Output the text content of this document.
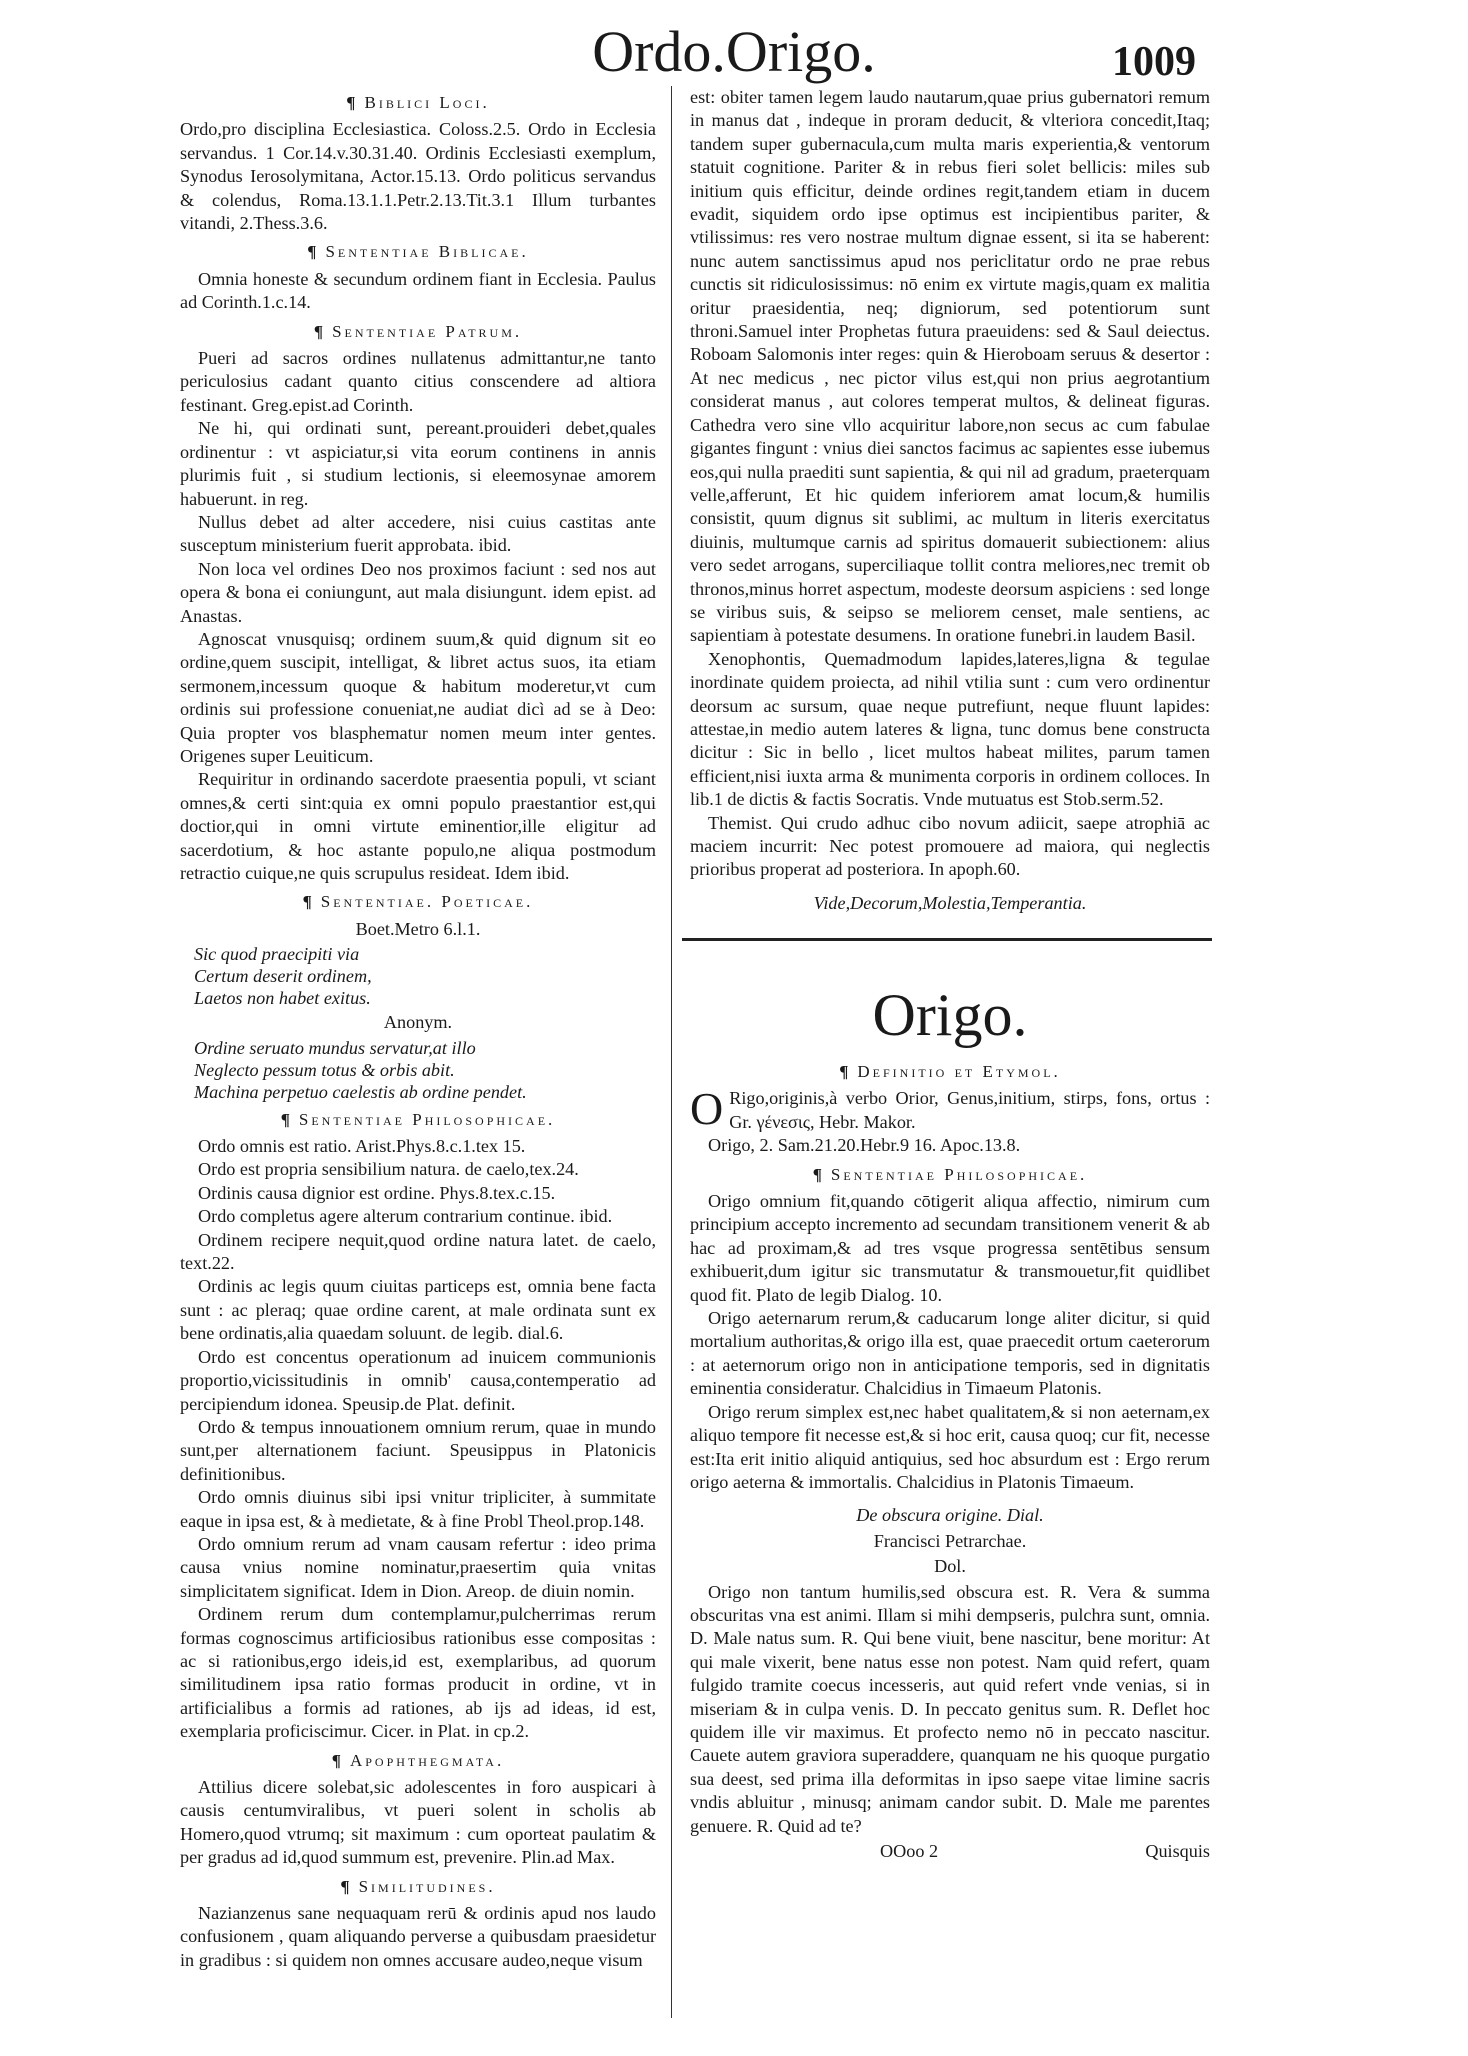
Ordo.Origo.	1009
¶ Biblici Loci.

Ordo,pro disciplina Ecclesiastica. Coloss.2.5. Ordo in Ecclesia servandus. 1 Cor.14.v.30.31.40. Ordinis Ecclesiasti exemplum, Synodus Ierosolymitana, Actor.15.13. Ordo politicus servandus & colendus, Roma.13.1.1.Petr.2.13.Tit.3.1 Illum turbantes vitandi, 2.Thess.3.6.

¶ Sententiae Biblicae.

Omnia honeste & secundum ordinem fiant in Ecclesia. Paulus ad Corinth.1.c.14.

¶ Sententiae Patrum.

Pueri ad sacros ordines nullatenus admittantur,ne tanto periculosius cadant quanto citius conscendere ad altiora festinant. Greg.epist.ad Corinth.

Ne hi, qui ordinati sunt, pereant.prouideri debet,quales ordinentur : vt aspiciatur,si vita eorum continens in annis plurimis fuit , si studium lectionis, si eleemosynae amorem habuerunt. in reg.

Nullus debet ad alter accedere, nisi cuius castitas ante susceptum ministerium fuerit approbata. ibid.

Non loca vel ordines Deo nos proximos faciunt : sed nos aut opera & bona ei coniungunt, aut mala disiungunt. idem epist. ad Anastas.

Agnoscat vnusquisq; ordinem suum,& quid dignum sit eo ordine,quem suscipit, intelligat, & libret actus suos, ita etiam sermonem,incessum quoque & habitum moderetur,vt cum ordinis sui professione conueniat,ne audiat dicì ad se à Deo: Quia propter vos blasphematur nomen meum inter gentes. Origenes super Leuiticum.

Requiritur in ordinando sacerdote praesentia populi, vt sciant omnes,& certi sint:quia ex omni populo praestantior est,qui doctior,qui in omni virtute eminentior,ille eligitur ad sacerdotium, & hoc astante populo,ne aliqua postmodum retractio cuique,ne quis scrupulus resideat. Idem ibid.

¶ Sententiae. Poeticae.
Boet.Metro 6.l.1.
Sic quod praecipiti via
Certum deserit ordinem,
Laetos non habet exitus.
Anonym.
Ordine seruato mundus servatur,at illo
Neglecto pessum totus & orbis abit.
Machina perpetuo caelestis ab ordine pendet.
¶ Sententiae Philosophicae.

Ordo omnis est ratio. Arist.Phys.8.c.1.tex 15.

Ordo est propria sensibilium natura. de caelo,tex.24.

Ordinis causa dignior est ordine. Phys.8.tex.c.15.

Ordo completus agere alterum contrarium continue. ibid.

Ordinem recipere nequit,quod ordine natura latet. de caelo, text.22.

Ordinis ac legis quum ciuitas particeps est, omnia bene facta sunt : ac pleraq; quae ordine carent, at male ordinata sunt ex bene ordinatis,alia quaedam soluunt. de legib. dial.6.

Ordo est concentus operationum ad inuicem communionis proportio,vicissitudinis in omnib' causa,contemperatio ad percipiendum idonea. Speusip.de Plat. definit.

Ordo & tempus innouationem omnium rerum, quae in mundo sunt,per alternationem faciunt. Speusippus in Platonicis definitionibus.

Ordo omnis diuinus sibi ipsi vnitur tripliciter, à summitate eaque in ipsa est, & à medietate, & à fine Probl Theol.prop.148.

Ordo omnium rerum ad vnam causam refertur : ideo prima causa vnius nomine nominatur,praesertim quia vnitas simplicitatem significat. Idem in Dion. Areop. de diuin nomin.

Ordinem rerum dum contemplamur,pulcherrimas rerum formas cognoscimus artificiosibus rationibus esse compositas : ac si rationibus,ergo ideis,id est, exemplaribus, ad quorum similitudinem ipsa ratio formas producit in ordine, vt in artificialibus a formis ad rationes, ab ijs ad ideas, id est, exemplaria proficiscimur. Cicer. in Plat. in cp.2.

¶ Apophthegmata.

Attilius dicere solebat,sic adolescentes in foro auspicari à causis centumviralibus, vt pueri solent in scholis ab Homero,quod vtrumq; sit maximum : cum oporteat paulatim & per gradus ad id,quod summum est, prevenire. Plin.ad Max.

¶ Similitudines.

Nazianzenus sane nequaquam rerū & ordinis apud nos laudo confusionem , quam aliquando perverse a quibusdam praesidetur in gradibus : si quidem non omnes accusare audeo,neque visum

est: obiter tamen legem laudo nautarum,quae prius gubernatori remum in manus dat , indeque in proram deducit, & vlteriora concedit,Itaq; tandem super gubernacula,cum multa maris experientia,& ventorum statuit cognitione. Pariter & in rebus fieri solet bellicis: miles sub initium quis efficitur, deinde ordines regit,tandem etiam in ducem evadit, siquidem ordo ipse optimus est incipientibus pariter, & vtilissimus: res vero nostrae multum dignae essent, si ita se haberent: nunc autem sanctissimus apud nos periclitatur ordo ne prae rebus cunctis sit ridiculosissimus: nō enim ex virtute magis,quam ex malitia oritur praesidentia, neq; digniorum, sed potentiorum sunt throni.Samuel inter Prophetas futura praeuidens: sed & Saul deiectus. Roboam Salomonis inter reges: quin & Hieroboam seruus & desertor : At nec medicus , nec pictor vilus est,qui non prius aegrotantium considerat manus , aut colores temperat multos, & delineat figuras. Cathedra vero sine vllo acquiritur labore,non secus ac cum fabulae gigantes fingunt : vnius diei sanctos facimus ac sapientes esse iubemus eos,qui nulla praediti sunt sapientia, & qui nil ad gradum, praeterquam velle,afferunt, Et hic quidem inferiorem amat locum,& humilis consistit, quum dignus sit sublimi, ac multum in literis exercitatus diuinis, multumque carnis ad spiritus domauerit subiectionem: alius vero sedet arrogans, superciliaque tollit contra meliores,nec tremit ob thronos,minus horret aspectum, modeste deorsum aspiciens : sed longe se viribus suis, & seipso se meliorem censet, male sentiens, ac sapientiam à potestate desumens. In oratione funebri.in laudem Basil.

Xenophontis, Quemadmodum lapides,lateres,ligna & tegulae inordinate quidem proiecta, ad nihil vtilia sunt : cum vero ordinentur deorsum ac sursum, quae neque putrefiunt, neque fluunt lapides: attestae,in medio autem lateres & ligna, tunc domus bene constructa dicitur : Sic in bello , licet multos habeat milites, parum tamen efficient,nisi iuxta arma & munimenta corporis in ordinem colloces. In lib.1 de dictis & factis Socratis. Vnde mutuatus est Stob.serm.52.

Themist. Qui crudo adhuc cibo novum adiicit, saepe atrophiā ac maciem incurrit: Nec potest promouere ad maiora, qui neglectis prioribus properat ad posteriora. In apoph.60.

Vide,Decorum,Molestia,Temperantia.
Origo.
¶ Definitio et Etymol.

O Rigo,originis,à verbo Orior, Genus,initium, stirps, fons, ortus : Gr. γένεσις, Hebr. Makor.

Origo, 2. Sam.21.20.Hebr.9 16. Apoc.13.8.

¶ Sententiae Philosophicae.

Origo omnium fit,quando cōtigerit aliqua affectio, nimirum cum principium accepto incremento ad secundam transitionem venerit & ab hac ad proximam,& ad tres vsque progressa sentētibus sensum exhibuerit,dum igitur sic transmutatur & transmouetur,fit quidlibet quod fit. Plato de legib Dialog. 10.

Origo aeternarum rerum,& caducarum longe aliter dicitur, si quid mortalium authoritas,& origo illa est, quae praecedit ortum caeterorum : at aeternorum origo non in anticipatione temporis, sed in dignitatis eminentia consideratur. Chalcidius in Timaeum Platonis.

Origo rerum simplex est,nec habet qualitatem,& si non aeternam,ex aliquo tempore fit necesse est,& si hoc erit, causa quoq; cur fit, necesse est:Ita erit initio aliquid antiquius, sed hoc absurdum est : Ergo rerum origo aeterna & immortalis. Chalcidius in Platonis Timaeum.

De obscura origine. Dial.
Francisci Petrarchae.
Dol.

Origo non tantum humilis,sed obscura est. R. Vera & summa obscuritas vna est animi. Illam si mihi dempseris, pulchra sunt, omnia. D. Male natus sum. R. Qui bene viuit, bene nascitur, bene moritur: At qui male vixerit, bene natus esse non potest. Nam quid refert, quam fulgido tramite coecus incesseris, aut quid refert vnde venias, si in miseriam & in culpa venis. D. In peccato genitus sum. R. Deflet hoc quidem ille vir maximus. Et profecto nemo nō in peccato nascitur. Cauete autem graviora superaddere, quanquam ne his quoque purgatio sua deest, sed prima illa deformitas in ipso saepe vitae limine sacris vndis abluitur , minusq; animam candor subit. D. Male me parentes genuere. R. Quid ad te?

OOoo 2	Quisquis
